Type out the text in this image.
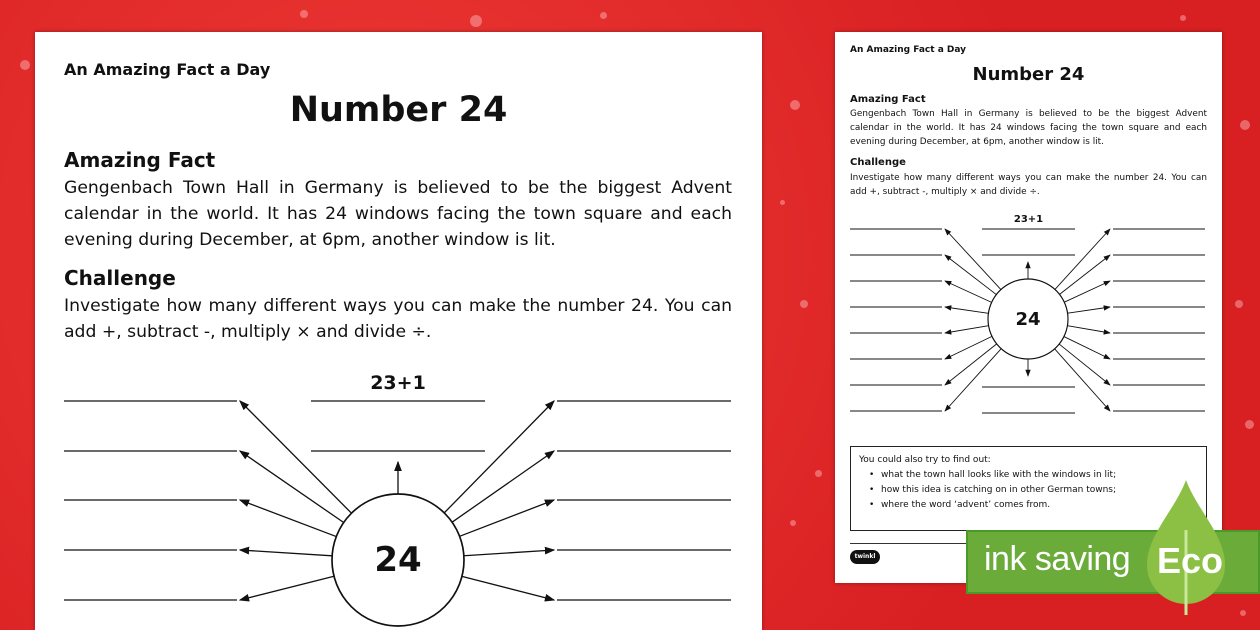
An Amazing Fact a Day
Number 24
Amazing Fact
Gengenbach Town Hall in Germany is believed to be the biggest Advent calendar in the world. It has 24 windows facing the town square and each evening during December, at 6pm, another window is lit.
Challenge
Investigate how many different ways you can make the number 24. You can add +, subtract -, multiply × and divide ÷.
23+1
24
An Amazing Fact a Day
Number 24
Amazing Fact
Gengenbach Town Hall in Germany is believed to be the biggest Advent calendar in the world. It has 24 windows facing the town square and each evening during December, at 6pm, another window is lit.
Challenge
Investigate how many different ways you can make the number 24. You can add +, subtract -, multiply × and divide ÷.
23+1
24
You could also try to find out:
• what the town hall looks like with the windows in lit;
• how this idea is catching on in other German towns;
• where the word ‘advent’ comes from.
twinkl	ink saving Eco
